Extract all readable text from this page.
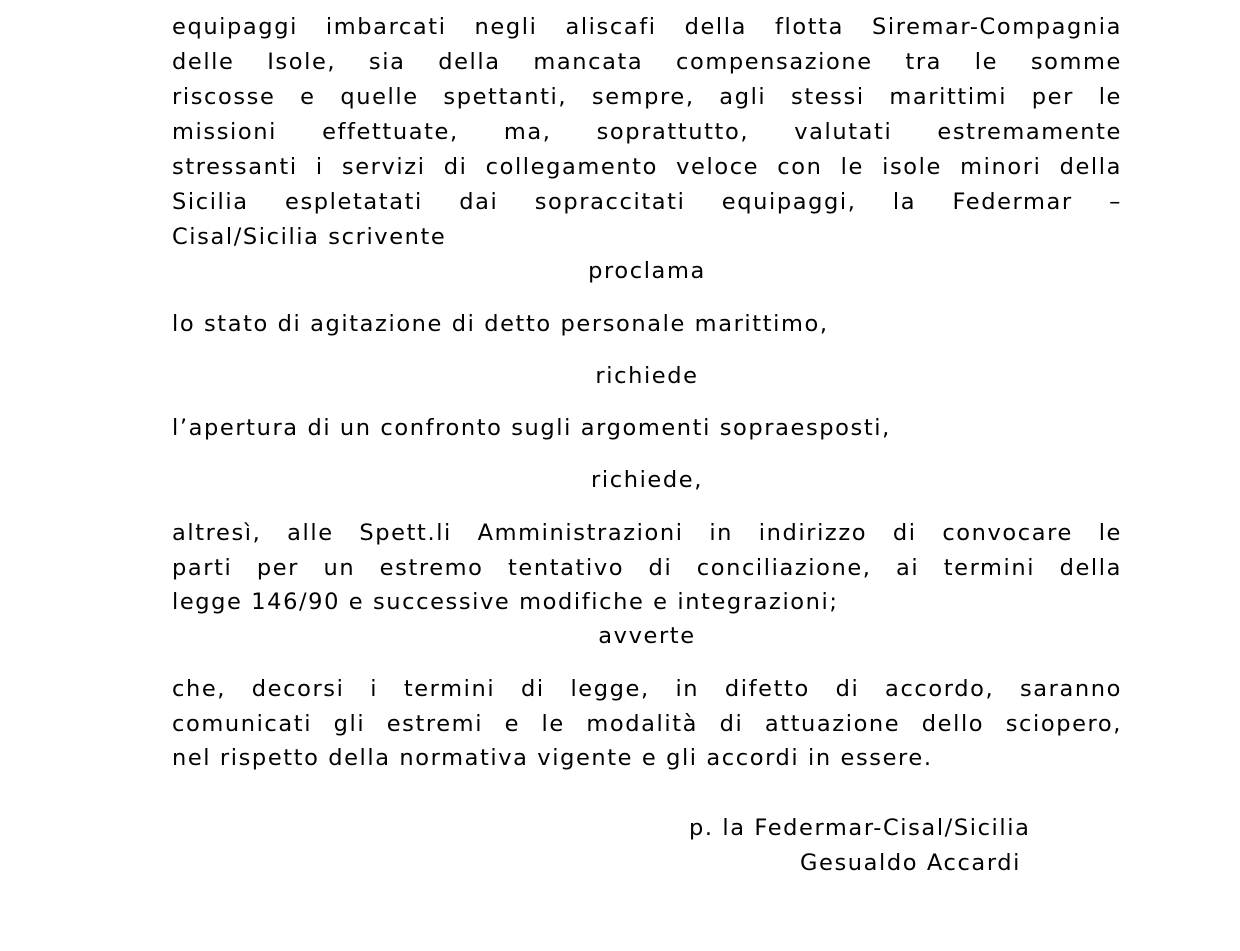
equipaggi imbarcati negli aliscafi della flotta Siremar-Compagnia
delle Isole, sia della mancata compensazione tra le somme
riscosse e quelle spettanti, sempre, agli stessi marittimi per le
missioni effettuate, ma, soprattutto, valutati estremamente
stressanti i servizi di collegamento veloce con le isole minori della
Sicilia espletatati dai sopraccitati equipaggi, la Federmar –
Cisal/Sicilia scrivente
proclama
lo stato di agitazione di detto personale marittimo,
richiede
l’apertura di un confronto sugli argomenti sopraesposti,
richiede,
altresì, alle Spett.li Amministrazioni in indirizzo di convocare le
parti per un estremo tentativo di conciliazione, ai termini della
legge 146/90 e successive modifiche e integrazioni;
avverte
che, decorsi i termini di legge, in difetto di accordo, saranno
comunicati gli estremi e le modalità di attuazione dello sciopero,
nel rispetto della normativa vigente e gli accordi in essere.
p. la Federmar-Cisal/Sicilia
Gesualdo Accardi
